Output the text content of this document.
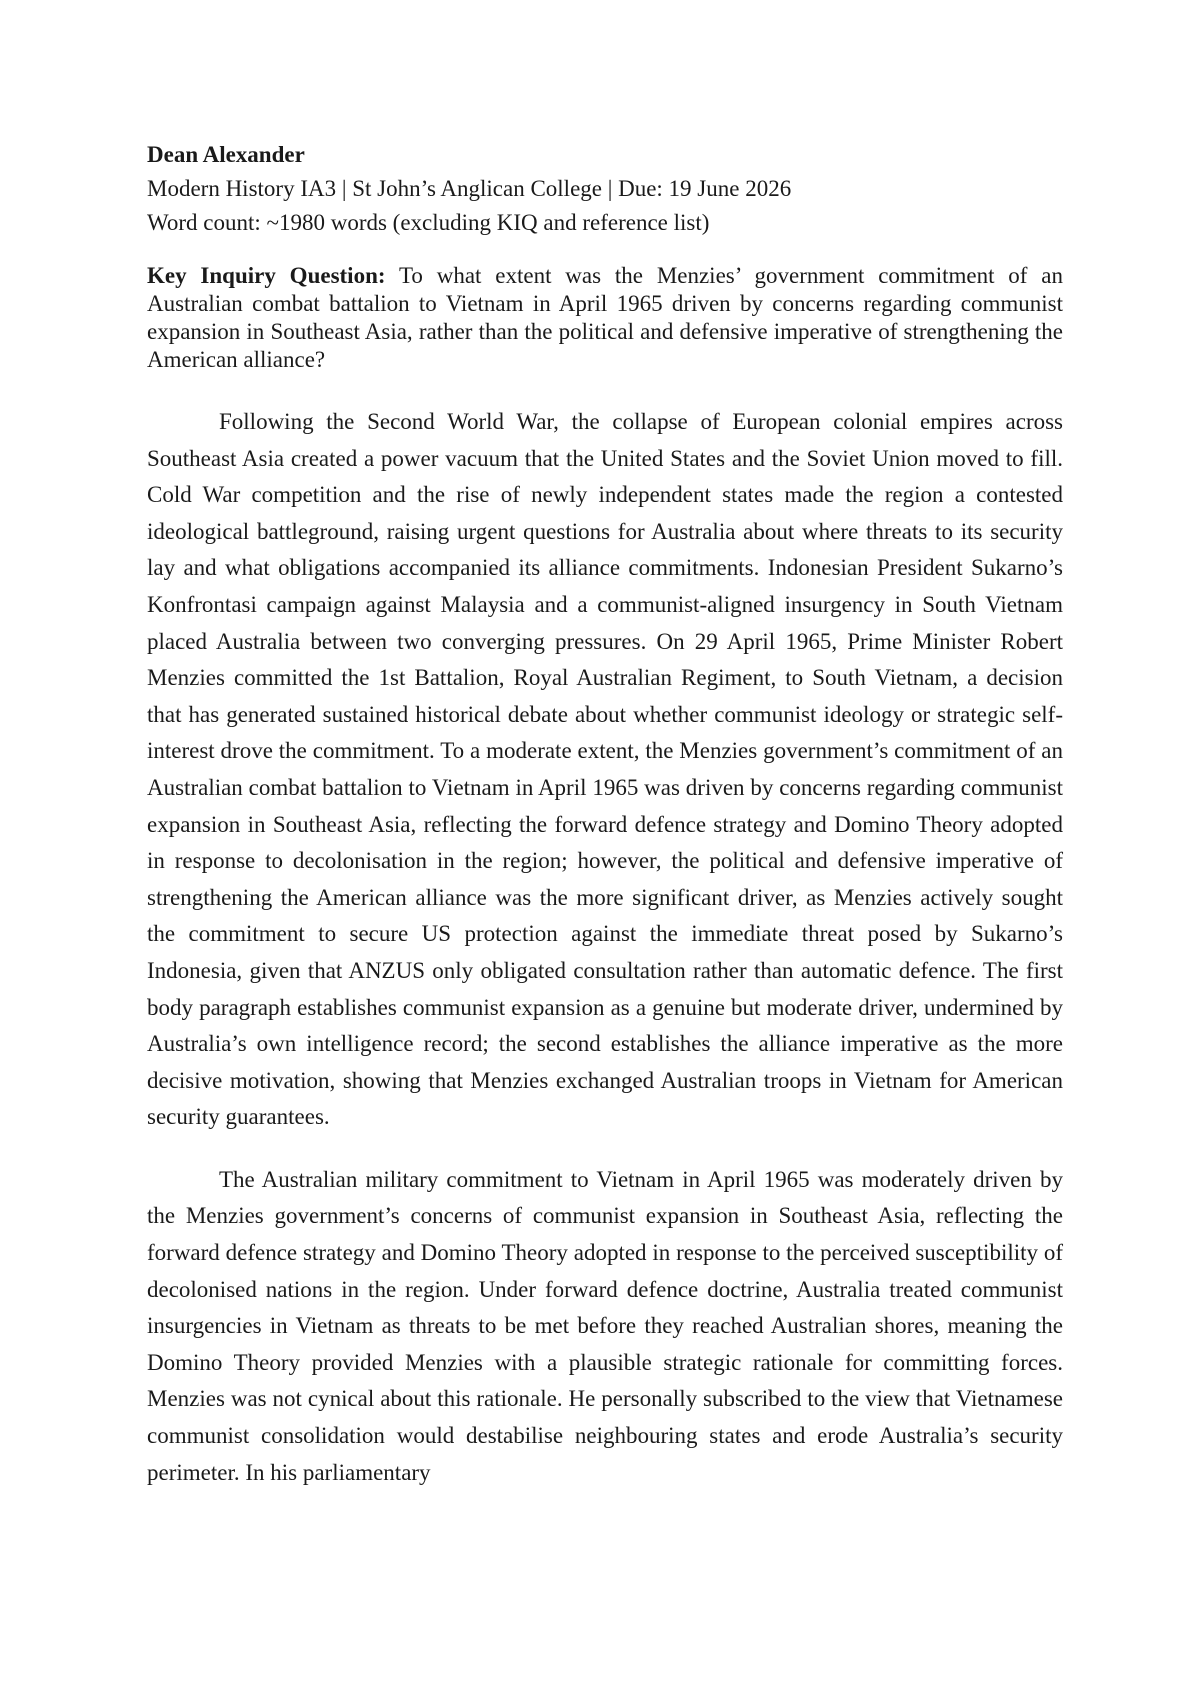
Dean Alexander

Modern History IA3 | St John’s Anglican College | Due: 19 June 2026

Word count: ~1980 words (excluding KIQ and reference list)

Key Inquiry Question: To what extent was the Menzies’ government commitment of an Australian combat battalion to Vietnam in April 1965 driven by concerns regarding communist expansion in Southeast Asia, rather than the political and defensive imperative of strengthening the American alliance?

Following the Second World War, the collapse of European colonial empires across Southeast Asia created a power vacuum that the United States and the Soviet Union moved to fill. Cold War competition and the rise of newly independent states made the region a contested ideological battleground, raising urgent questions for Australia about where threats to its security lay and what obligations accompanied its alliance commitments. Indonesian President Sukarno’s Konfrontasi campaign against Malaysia and a communist-aligned insurgency in South Vietnam placed Australia between two converging pressures. On 29 April 1965, Prime Minister Robert Menzies committed the 1st Battalion, Royal Australian Regiment, to South Vietnam, a decision that has generated sustained historical debate about whether communist ideology or strategic self-interest drove the commitment. To a moderate extent, the Menzies government’s commitment of an Australian combat battalion to Vietnam in April 1965 was driven by concerns regarding communist expansion in Southeast Asia, reflecting the forward defence strategy and Domino Theory adopted in response to decolonisation in the region; however, the political and defensive imperative of strengthening the American alliance was the more significant driver, as Menzies actively sought the commitment to secure US protection against the immediate threat posed by Sukarno’s Indonesia, given that ANZUS only obligated consultation rather than automatic defence. The first body paragraph establishes communist expansion as a genuine but moderate driver, undermined by Australia’s own intelligence record; the second establishes the alliance imperative as the more decisive motivation, showing that Menzies exchanged Australian troops in Vietnam for American security guarantees.

The Australian military commitment to Vietnam in April 1965 was moderately driven by the Menzies government’s concerns of communist expansion in Southeast Asia, reflecting the forward defence strategy and Domino Theory adopted in response to the perceived susceptibility of decolonised nations in the region. Under forward defence doctrine, Australia treated communist insurgencies in Vietnam as threats to be met before they reached Australian shores, meaning the Domino Theory provided Menzies with a plausible strategic rationale for committing forces. Menzies was not cynical about this rationale. He personally subscribed to the view that Vietnamese communist consolidation would destabilise neighbouring states and erode Australia’s security perimeter. In his parliamentary
